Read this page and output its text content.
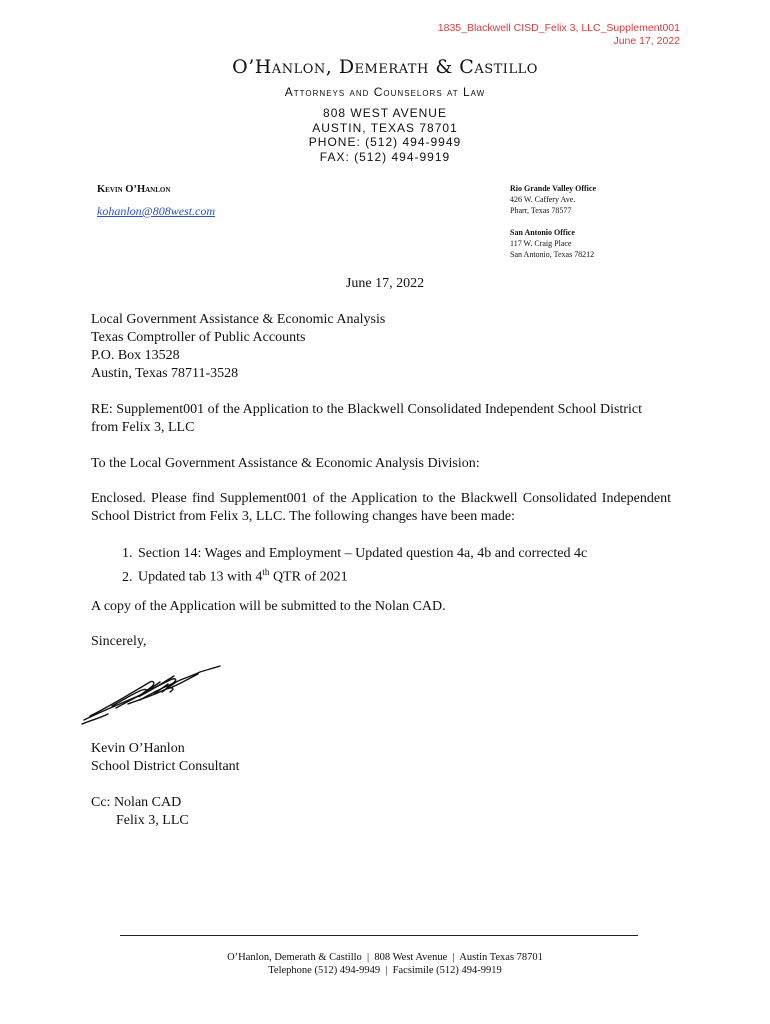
1835_Blackwell CISD_Felix 3, LLC_Supplement001
June 17, 2022
O’Hanlon, Demerath & Castillo
Attorneys and Counselors at Law
808 WEST AVENUE
AUSTIN, TEXAS 78701
PHONE: (512) 494-9949
FAX: (512) 494-9919
Kevin O’Hanlon
kohanlon@808west.com
Rio Grande Valley Office
426 W. Caffery Ave.
Pharr, Texas 78577
San Antonio Office
117 W. Craig Place
San Antonio, Texas 78212
June 17, 2022
Local Government Assistance & Economic Analysis
Texas Comptroller of Public Accounts
P.O. Box 13528
Austin, Texas 78711-3528
RE: Supplement001 of the Application to the Blackwell Consolidated Independent School District from Felix 3, LLC
To the Local Government Assistance & Economic Analysis Division:
Enclosed. Please find Supplement001 of the Application to the Blackwell Consolidated Independent School District from Felix 3, LLC. The following changes have been made:
1. Section 14: Wages and Employment – Updated question 4a, 4b and corrected 4c
2. Updated tab 13 with 4th QTR of 2021
A copy of the Application will be submitted to the Nolan CAD.
Sincerely,
Kevin O’Hanlon
School District Consultant
Cc: Nolan CAD
Felix 3, LLC
O’Hanlon, Demerath & Castillo  |  808 West Avenue  |  Austin Texas 78701
Telephone (512) 494-9949  |  Facsimile (512) 494-9919
